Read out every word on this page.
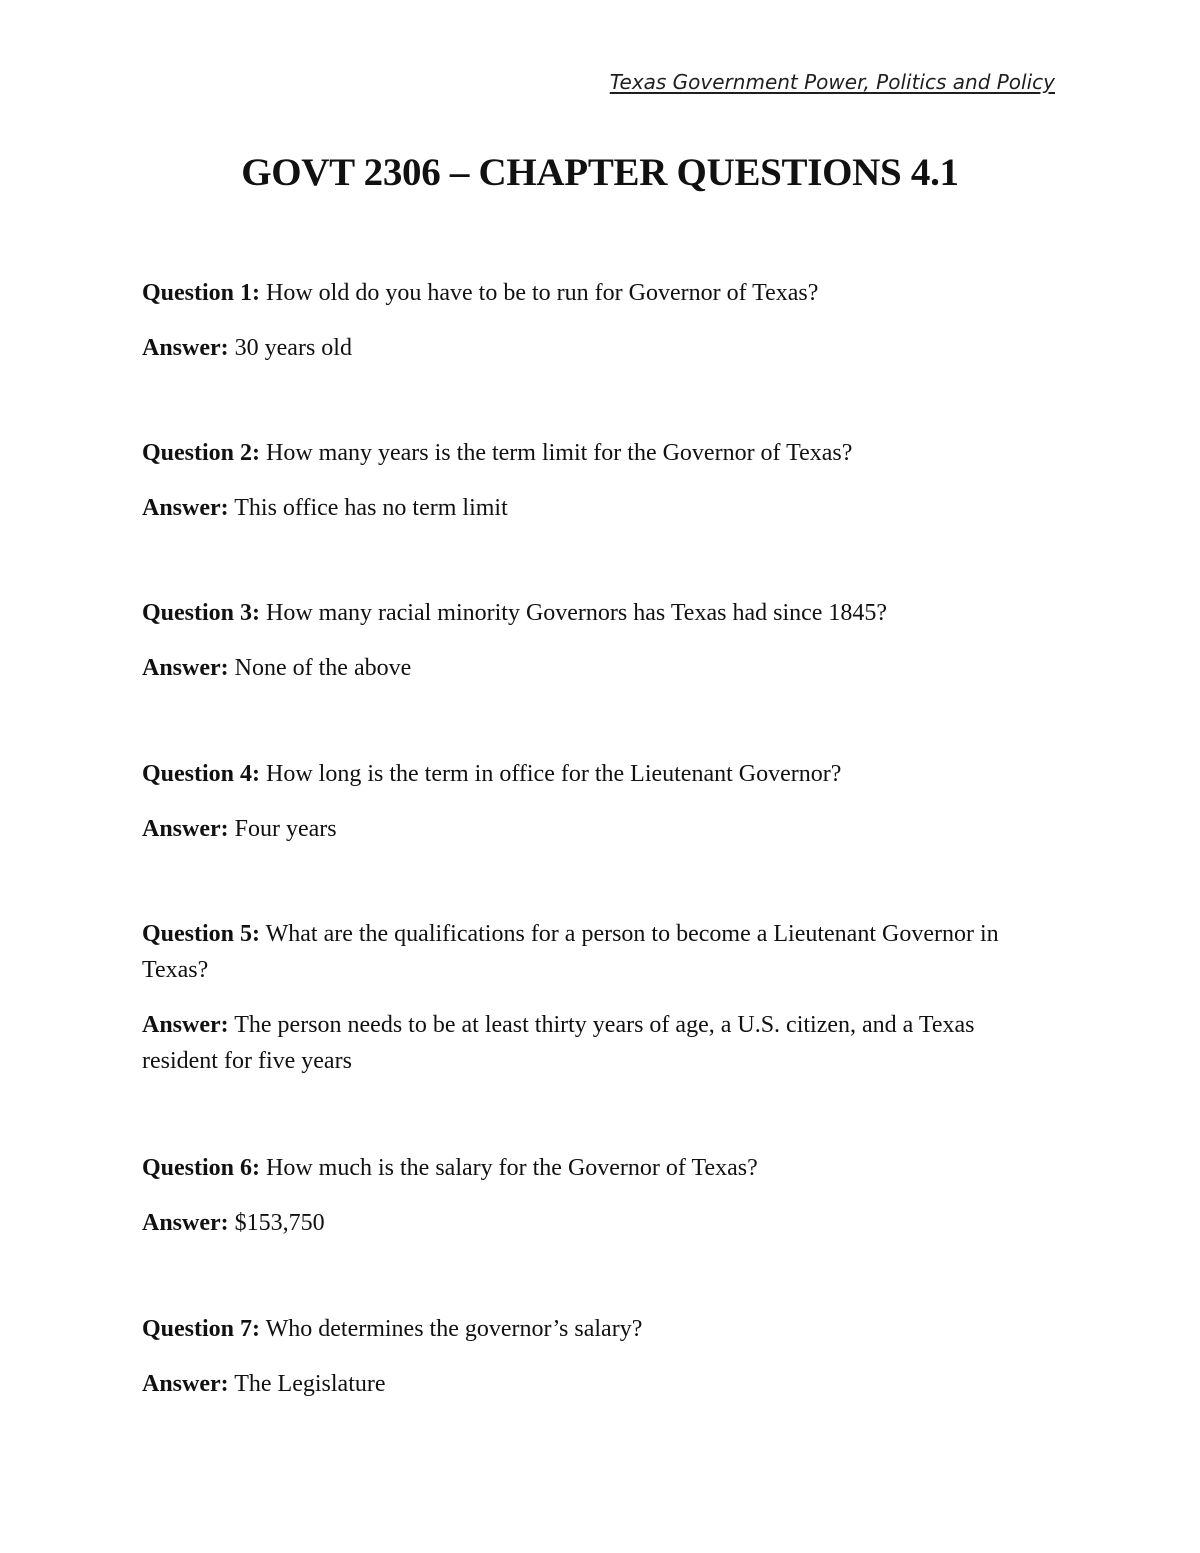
Texas Government Power, Politics and Policy
GOVT 2306 – CHAPTER QUESTIONS 4.1

Question 1: How old do you have to be to run for Governor of Texas?

Answer: 30 years old

Question 2: How many years is the term limit for the Governor of Texas?

Answer: This office has no term limit

Question 3: How many racial minority Governors has Texas had since 1845?

Answer: None of the above

Question 4: How long is the term in office for the Lieutenant Governor?

Answer: Four years

Question 5: What are the qualifications for a person to become a Lieutenant Governor in Texas?

Answer: The person needs to be at least thirty years of age, a U.S. citizen, and a Texas resident for five years

Question 6: How much is the salary for the Governor of Texas?

Answer: $153,750

Question 7: Who determines the governor’s salary?

Answer: The Legislature
